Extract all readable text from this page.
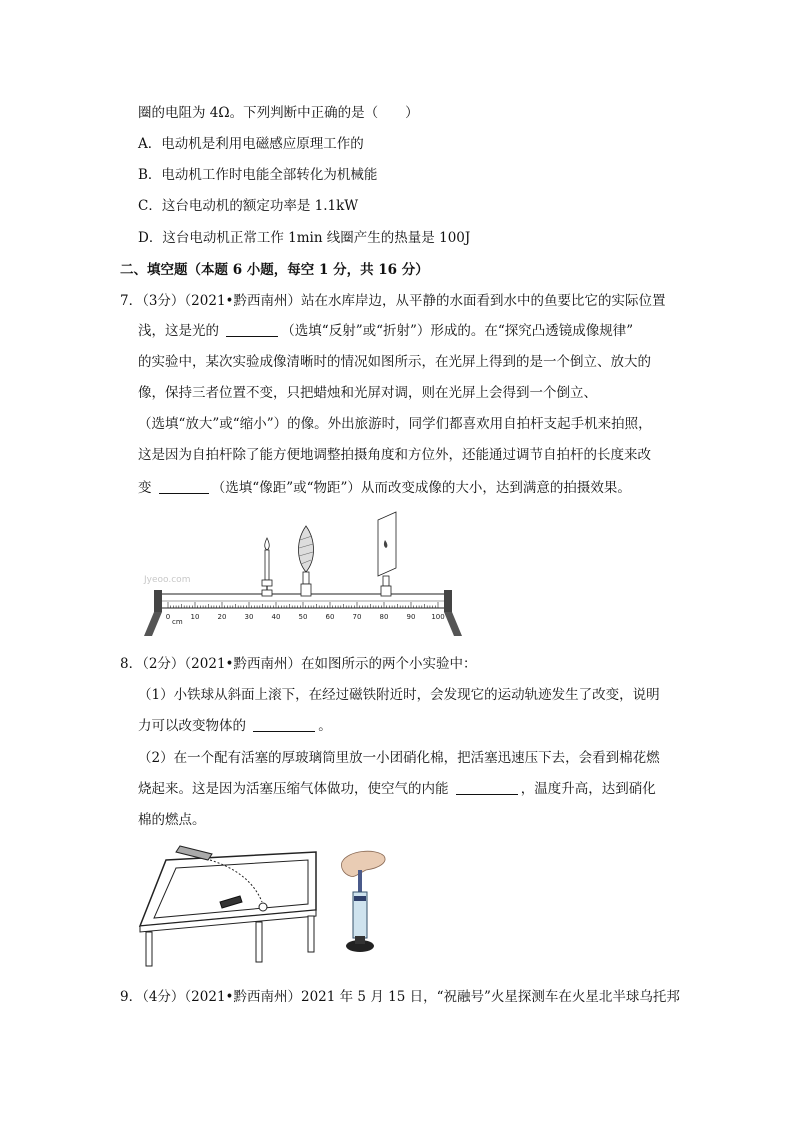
圈的电阻为 4Ω。下列判断中正确的是（　　）
A．电动机是利用电磁感应原理工作的
B．电动机工作时电能全部转化为机械能
C．这台电动机的额定功率是 1.1kW
D．这台电动机正常工作 1min 线圈产生的热量是 100J
二、填空题（本题 6 小题，每空 1 分，共 16 分）
7．（3分）（2021•黔西南州）站在水库岸边，从平静的水面看到水中的鱼要比它的实际位置
浅，这是光的	（选填“反射”或“折射”）形成的。在“探究凸透镜成像规律”
的实验中，某次实验成像清晰时的情况如图所示，在光屏上得到的是一个倒立、放大的
像，保持三者位置不变，只把蜡烛和光屏对调，则在光屏上会得到一个倒立、
（选填“放大”或“缩小”）的像。外出旅游时，同学们都喜欢用自拍杆支起手机来拍照，
这是因为自拍杆除了能方便地调整拍摄角度和方位外，还能通过调节自拍杆的长度来改
变	（选填“像距”或“物距”）从而改变成像的大小，达到满意的拍摄效果。
Jyeoo.com
0	10	20	30	40	50	60	70	80	90 100
cm
8．（2分）（2021•黔西南州）在如图所示的两个小实验中：
（1）小铁球从斜面上滚下，在经过磁铁附近时，会发现它的运动轨迹发生了改变，说明
力可以改变物体的	。
（2）在一个配有活塞的厚玻璃筒里放一小团硝化棉，把活塞迅速压下去，会看到棉花燃
烧起来。这是因为活塞压缩气体做功，使空气的内能	，温度升高，达到硝化
棉的燃点。
9．（4分）（2021•黔西南州）2021 年 5 月 15 日，“祝融号”火星探测车在火星北半球乌托邦
